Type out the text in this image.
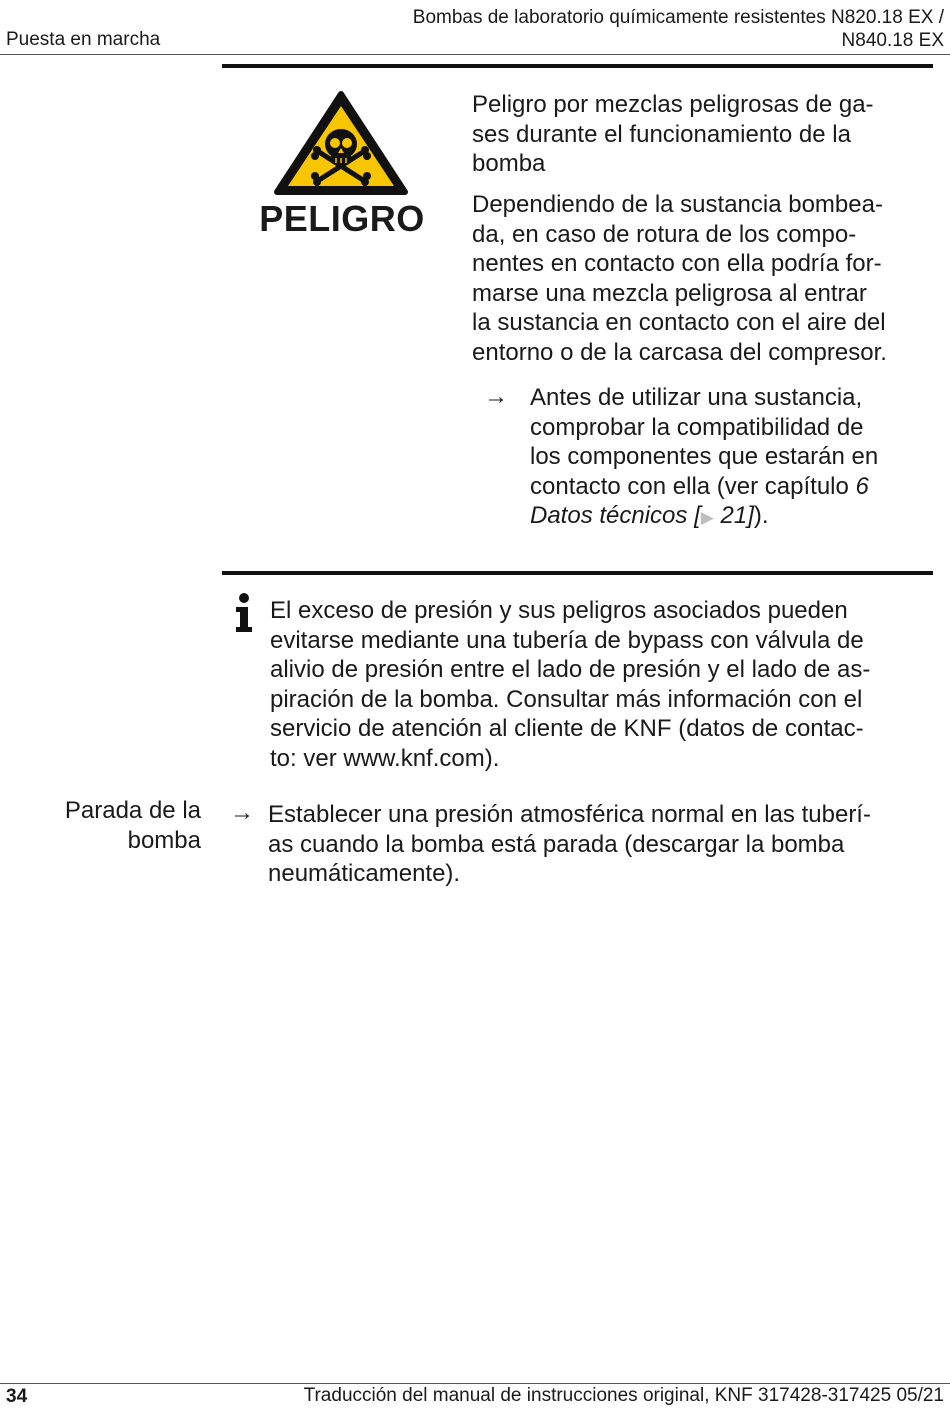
Bombas de laboratorio químicamente resistentes N820.18 EX /
N840.18 EX
Puesta en marcha
PELIGRO
Peligro por mezclas peligrosas de ga-
ses durante el funcionamiento de la
bomba
Dependiendo de la sustancia bombea-
da, en caso de rotura de los compo-
nentes en contacto con ella podría for-
marse una mezcla peligrosa al entrar
la sustancia en contacto con el aire del
entorno o de la carcasa del compresor.
→ Antes de utilizar una sustancia,
comprobar la compatibilidad de
los componentes que estarán en
contacto con ella (ver capítulo 6
Datos técnicos [▶ 21]).
El exceso de presión y sus peligros asociados pueden
evitarse mediante una tubería de bypass con válvula de
alivio de presión entre el lado de presión y el lado de as-
piración de la bomba. Consultar más información con el
servicio de atención al cliente de KNF (datos de contac-
to: ver www.knf.com).
Parada de la
bomba
→ Establecer una presión atmosférica normal en las tuberí-
as cuando la bomba está parada (descargar la bomba
neumáticamente).
34	Traducción del manual de instrucciones original, KNF 317428-317425 05/21
